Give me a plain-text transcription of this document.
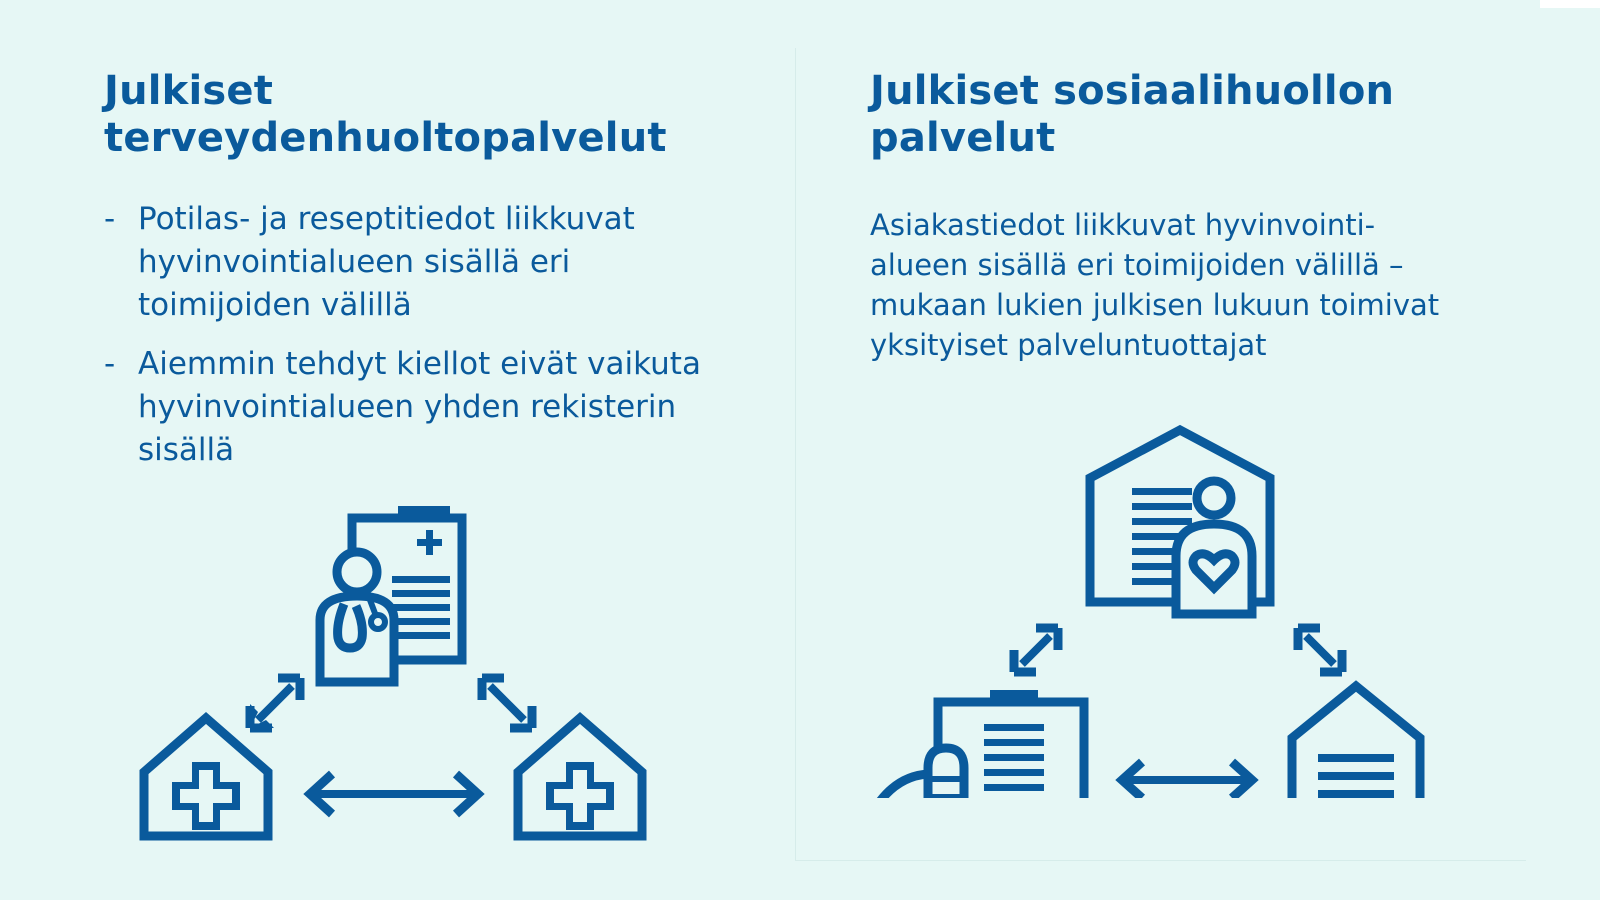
Julkiset terveydenhuoltopalvelut
- Potilas- ja reseptitiedot liikkuvat hyvinvointialueen sisällä eri toimijoiden välillä
- Aiemmin tehdyt kiellot eivät vaikuta hyvinvointialueen yhden rekisterin sisällä
Julkiset sosiaalihuollon palvelut

Asiakastiedot liikkuvat hyvinvointi-alueen sisällä eri toimijoiden välillä – mukaan lukien julkisen lukuun toimivat yksityiset palveluntuottajat
